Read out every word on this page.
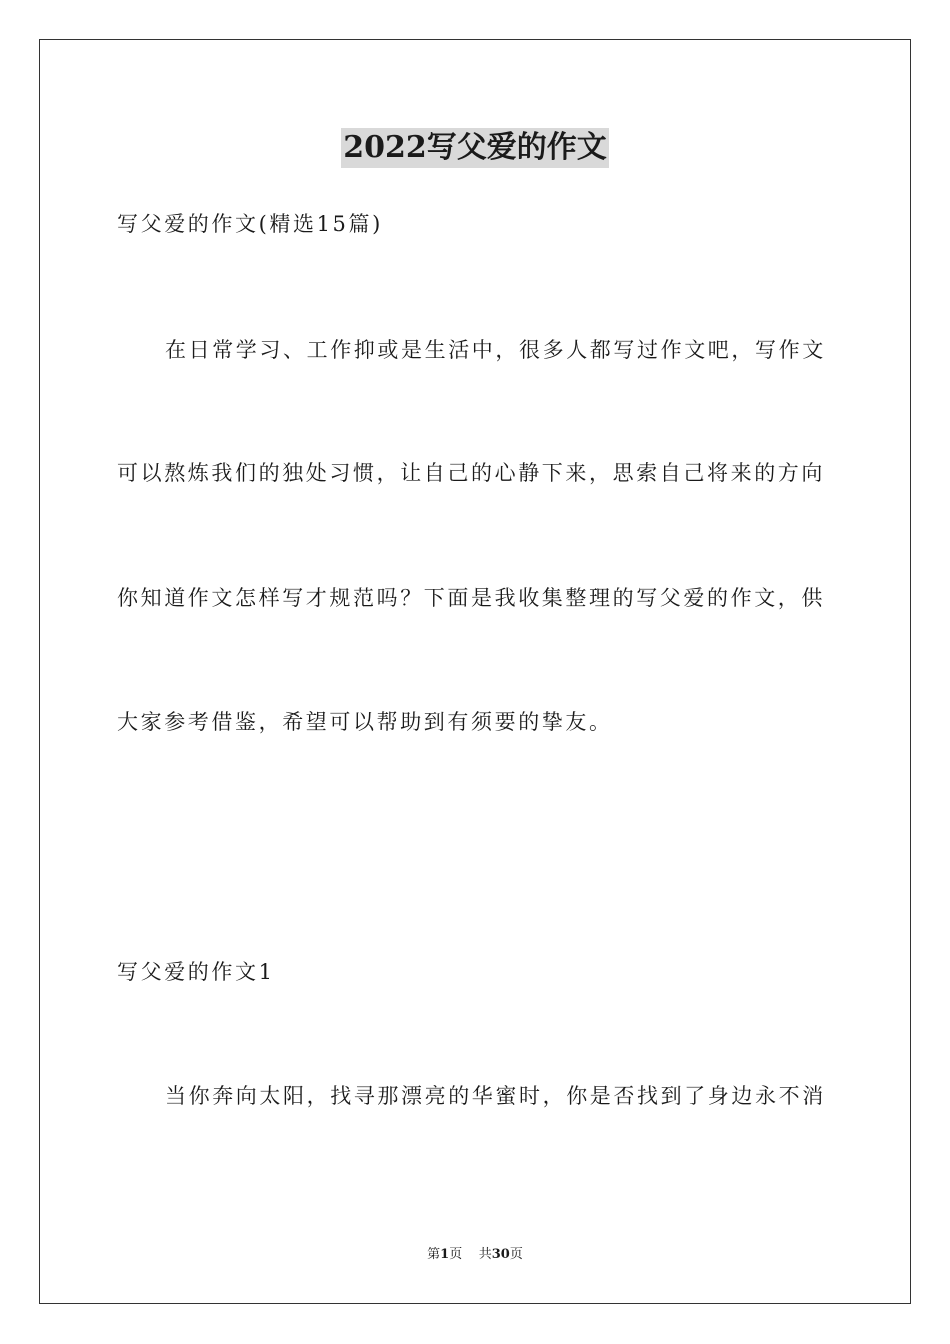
2022写父爱的作文
写父爱的作文(精选15篇)
在日常学习、工作抑或是生活中，很多人都写过作文吧，写作文
可以熬炼我们的独处习惯，让自己的心静下来，思索自己将来的方向
你知道作文怎样写才规范吗？下面是我收集整理的写父爱的作文，供
大家参考借鉴，希望可以帮助到有须要的挚友。
写父爱的作文1
当你奔向太阳，找寻那漂亮的华蜜时，你是否找到了身边永不消
第1页 共30页
